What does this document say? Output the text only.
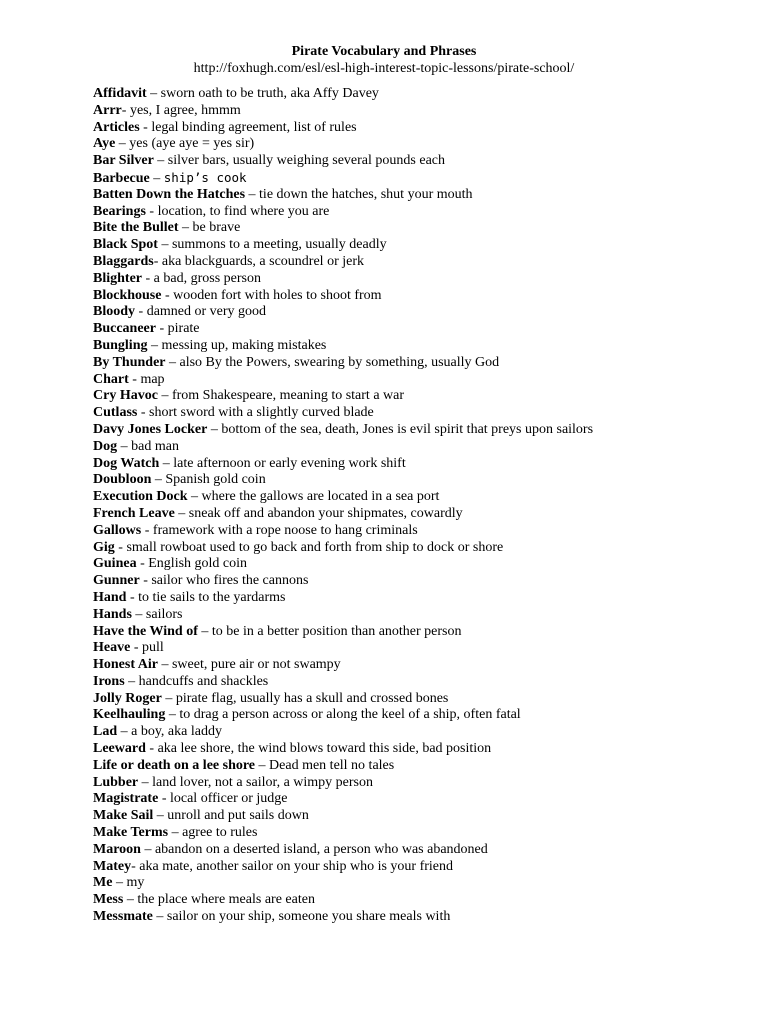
Pirate Vocabulary and Phrases
http://foxhugh.com/esl/esl-high-interest-topic-lessons/pirate-school/
Affidavit – sworn oath to be truth, aka Affy Davey
Arrr- yes, I agree, hmmm
Articles - legal binding agreement, list of rules
Aye – yes (aye aye = yes sir)
Bar Silver – silver bars, usually weighing several pounds each
Barbecue – ship’s cook
Batten Down the Hatches – tie down the hatches, shut your mouth
Bearings - location, to find where you are
Bite the Bullet – be brave
Black Spot – summons to a meeting, usually deadly
Blaggards- aka blackguards, a scoundrel or jerk
Blighter - a bad, gross person
Blockhouse - wooden fort with holes to shoot from
Bloody - damned or very good
Buccaneer - pirate
Bungling – messing up, making mistakes
By Thunder – also By the Powers, swearing by something, usually God
Chart - map
Cry Havoc – from Shakespeare, meaning to start a war
Cutlass - short sword with a slightly curved blade
Davy Jones Locker – bottom of the sea, death, Jones is evil spirit that preys upon sailors
Dog – bad man
Dog Watch – late afternoon or early evening work shift
Doubloon – Spanish gold coin
Execution Dock – where the gallows are located in a sea port
French Leave – sneak off and abandon your shipmates, cowardly
Gallows - framework with a rope noose to hang criminals
Gig - small rowboat used to go back and forth from ship to dock or shore
Guinea - English gold coin
Gunner - sailor who fires the cannons
Hand - to tie sails to the yardarms
Hands – sailors
Have the Wind of – to be in a better position than another person
Heave - pull
Honest Air – sweet, pure air or not swampy
Irons – handcuffs and shackles
Jolly Roger – pirate flag, usually has a skull and crossed bones
Keelhauling – to drag a person across or along the keel of a ship, often fatal
Lad – a boy, aka laddy
Leeward - aka lee shore, the wind blows toward this side, bad position
Life or death on a lee shore – Dead men tell no tales
Lubber – land lover, not a sailor, a wimpy person
Magistrate - local officer or judge
Make Sail – unroll and put sails down
Make Terms – agree to rules
Maroon – abandon on a deserted island, a person who was abandoned
Matey- aka mate, another sailor on your ship who is your friend
Me – my
Mess – the place where meals are eaten
Messmate – sailor on your ship, someone you share meals with
